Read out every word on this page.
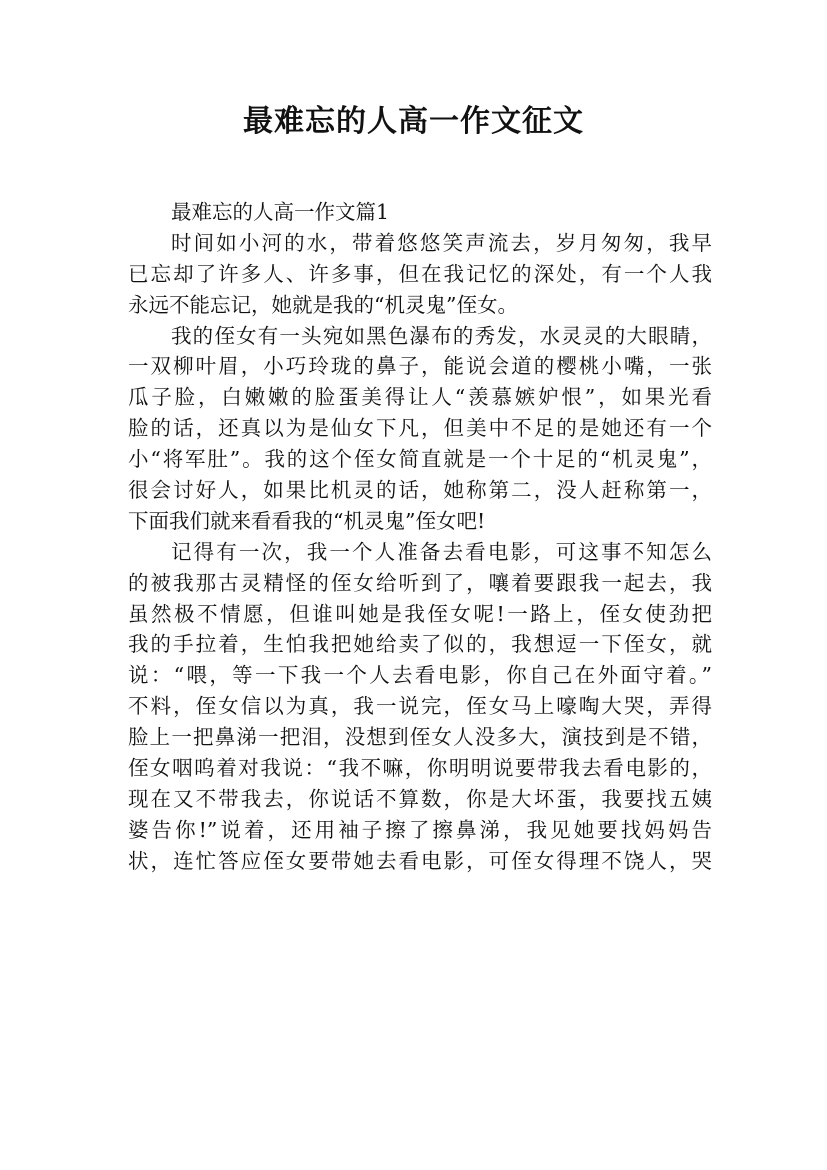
最难忘的人高一作文征文
最难忘的人高一作文篇1
时间如小河的水，带着悠悠笑声流去，岁月匆匆，我早
已忘却了许多人、许多事，但在我记忆的深处，有一个人我
永远不能忘记，她就是我的“机灵鬼”侄女。
我的侄女有一头宛如黑色瀑布的秀发，水灵灵的大眼睛，
一双柳叶眉，小巧玲珑的鼻子，能说会道的樱桃小嘴，一张
瓜子脸，白嫩嫩的脸蛋美得让人“羡慕嫉妒恨”，如果光看
脸的话，还真以为是仙女下凡，但美中不足的是她还有一个
小“将军肚”。我的这个侄女简直就是一个十足的“机灵鬼”，
很会讨好人，如果比机灵的话，她称第二，没人赶称第一，
下面我们就来看看我的“机灵鬼”侄女吧!
记得有一次，我一个人准备去看电影，可这事不知怎么
的被我那古灵精怪的侄女给听到了，嚷着要跟我一起去，我
虽然极不情愿，但谁叫她是我侄女呢!一路上，侄女使劲把
我的手拉着，生怕我把她给卖了似的，我想逗一下侄女，就
说：“喂，等一下我一个人去看电影，你自己在外面守着。”
不料，侄女信以为真，我一说完，侄女马上嚎啕大哭，弄得
脸上一把鼻涕一把泪，没想到侄女人没多大，演技到是不错，
侄女咽呜着对我说：“我不嘛，你明明说要带我去看电影的，
现在又不带我去，你说话不算数，你是大坏蛋，我要找五姨
婆告你!”说着，还用袖子擦了擦鼻涕，我见她要找妈妈告
状，连忙答应侄女要带她去看电影，可侄女得理不饶人，哭
